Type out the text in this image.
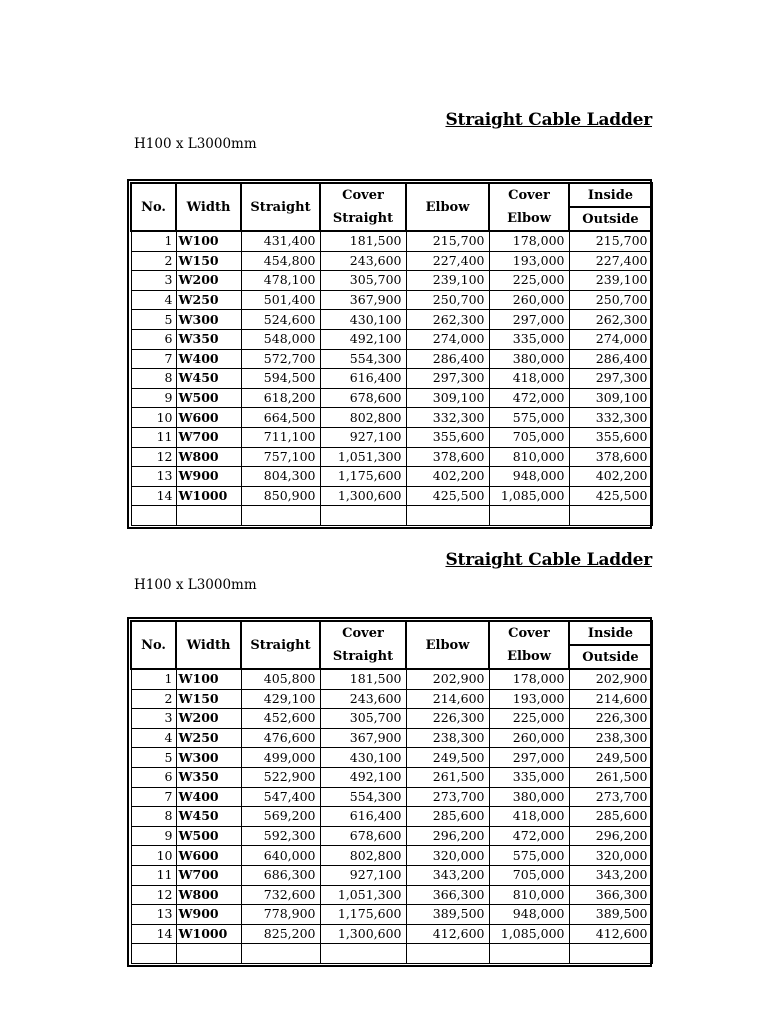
Straight Cable Ladder
H100 x L3000mm
No.	Width	Straight	Cover	Elbow	Cover	Inside
			Straight		Elbow	Outside
1	W100	431,400	181,500	215,700	178,000	215,700
2	W150	454,800	243,600	227,400	193,000	227,400
3	W200	478,100	305,700	239,100	225,000	239,100
4	W250	501,400	367,900	250,700	260,000	250,700
5	W300	524,600	430,100	262,300	297,000	262,300
6	W350	548,000	492,100	274,000	335,000	274,000
7	W400	572,700	554,300	286,400	380,000	286,400
8	W450	594,500	616,400	297,300	418,000	297,300
9	W500	618,200	678,600	309,100	472,000	309,100
10	W600	664,500	802,800	332,300	575,000	332,300
11	W700	711,100	927,100	355,600	705,000	355,600
12	W800	757,100	1,051,300	378,600	810,000	378,600
13	W900	804,300	1,175,600	402,200	948,000	402,200
14	W1000	850,900	1,300,600	425,500	1,085,000	425,500

Straight Cable Ladder
H100 x L3000mm
No.	Width	Straight	Cover	Elbow	Cover	Inside
			Straight		Elbow	Outside
1	W100	405,800	181,500	202,900	178,000	202,900
2	W150	429,100	243,600	214,600	193,000	214,600
3	W200	452,600	305,700	226,300	225,000	226,300
4	W250	476,600	367,900	238,300	260,000	238,300
5	W300	499,000	430,100	249,500	297,000	249,500
6	W350	522,900	492,100	261,500	335,000	261,500
7	W400	547,400	554,300	273,700	380,000	273,700
8	W450	569,200	616,400	285,600	418,000	285,600
9	W500	592,300	678,600	296,200	472,000	296,200
10	W600	640,000	802,800	320,000	575,000	320,000
11	W700	686,300	927,100	343,200	705,000	343,200
12	W800	732,600	1,051,300	366,300	810,000	366,300
13	W900	778,900	1,175,600	389,500	948,000	389,500
14	W1000	825,200	1,300,600	412,600	1,085,000	412,600
